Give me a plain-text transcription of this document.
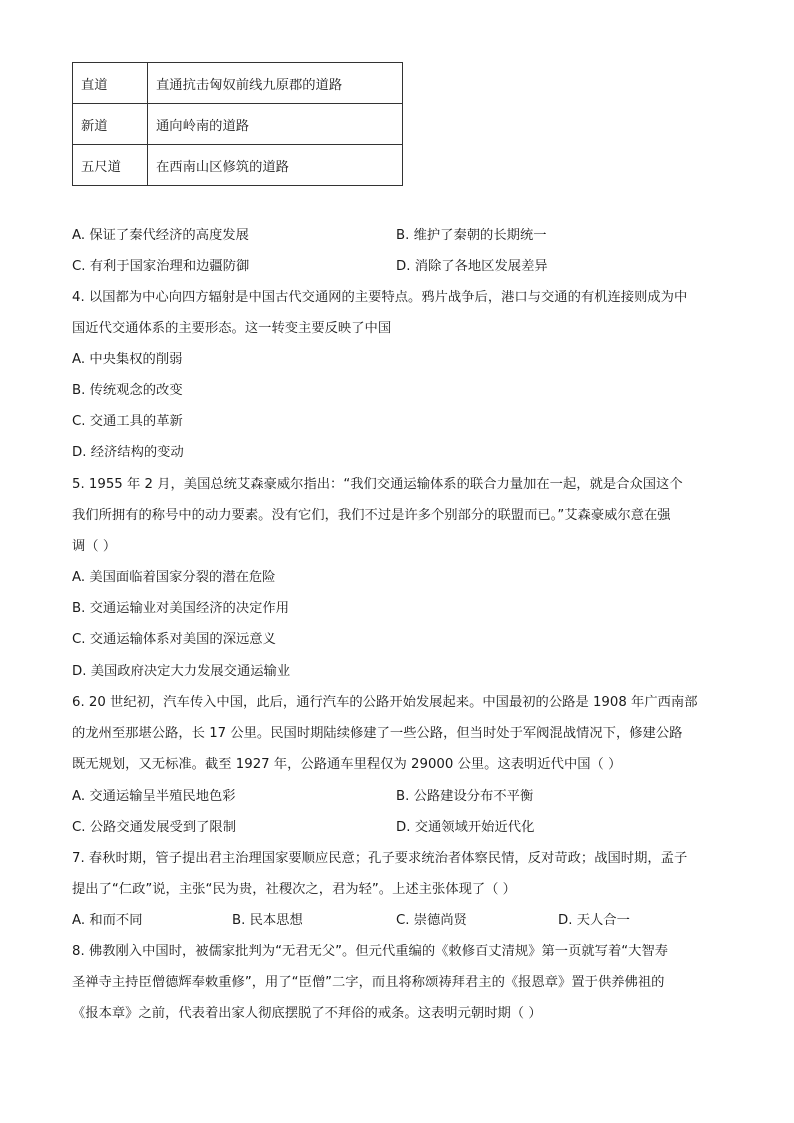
直道	直通抗击匈奴前线九原郡的道路
新道	通向岭南的道路
五尺道	在西南山区修筑的道路
A. 保证了秦代经济的高度发展	B. 维护了秦朝的长期统一
C. 有利于国家治理和边疆防御	D. 消除了各地区发展差异
4. 以国都为中心向四方辐射是中国古代交通网的主要特点。鸦片战争后，港口与交通的有机连接则成为中
国近代交通体系的主要形态。这一转变主要反映了中国
A. 中央集权的削弱
B. 传统观念的改变
C. 交通工具的革新
D. 经济结构的变动
5. 1955 年 2 月，美国总统艾森豪威尔指出：“我们交通运输体系的联合力量加在一起，就是合众国这个
我们所拥有的称号中的动力要素。没有它们，我们不过是许多个别部分的联盟而已。”艾森豪威尔意在强
调（ ）
A. 美国面临着国家分裂的潜在危险
B. 交通运输业对美国经济的决定作用
C. 交通运输体系对美国的深远意义
D. 美国政府决定大力发展交通运输业
6. 20 世纪初，汽车传入中国，此后，通行汽车的公路开始发展起来。中国最初的公路是 1908 年广西南部
的龙州至那堪公路，长 17 公里。民国时期陆续修建了一些公路，但当时处于军阀混战情况下，修建公路
既无规划，又无标准。截至 1927 年，公路通车里程仅为 29000 公里。这表明近代中国（ ）
A. 交通运输呈半殖民地色彩	B. 公路建设分布不平衡
C. 公路交通发展受到了限制	D. 交通领域开始近代化
7. 春秋时期，管子提出君主治理国家要顺应民意；孔子要求统治者体察民情，反对苛政；战国时期，孟子
提出了“仁政”说，主张“民为贵，社稷次之，君为轻”。上述主张体现了（ ）
A. 和而不同	B. 民本思想	C. 崇德尚贤	D. 天人合一
8. 佛教刚入中国时，被儒家批判为“无君无父”。但元代重编的《敕修百丈清规》第一页就写着“大智寿
圣禅寺主持臣僧德辉奉敕重修”，用了“臣僧”二字，而且将称颂祷拜君主的《报恩章》置于供养佛祖的
《报本章》之前，代表着出家人彻底摆脱了不拜俗的戒条。这表明元朝时期（ ）
